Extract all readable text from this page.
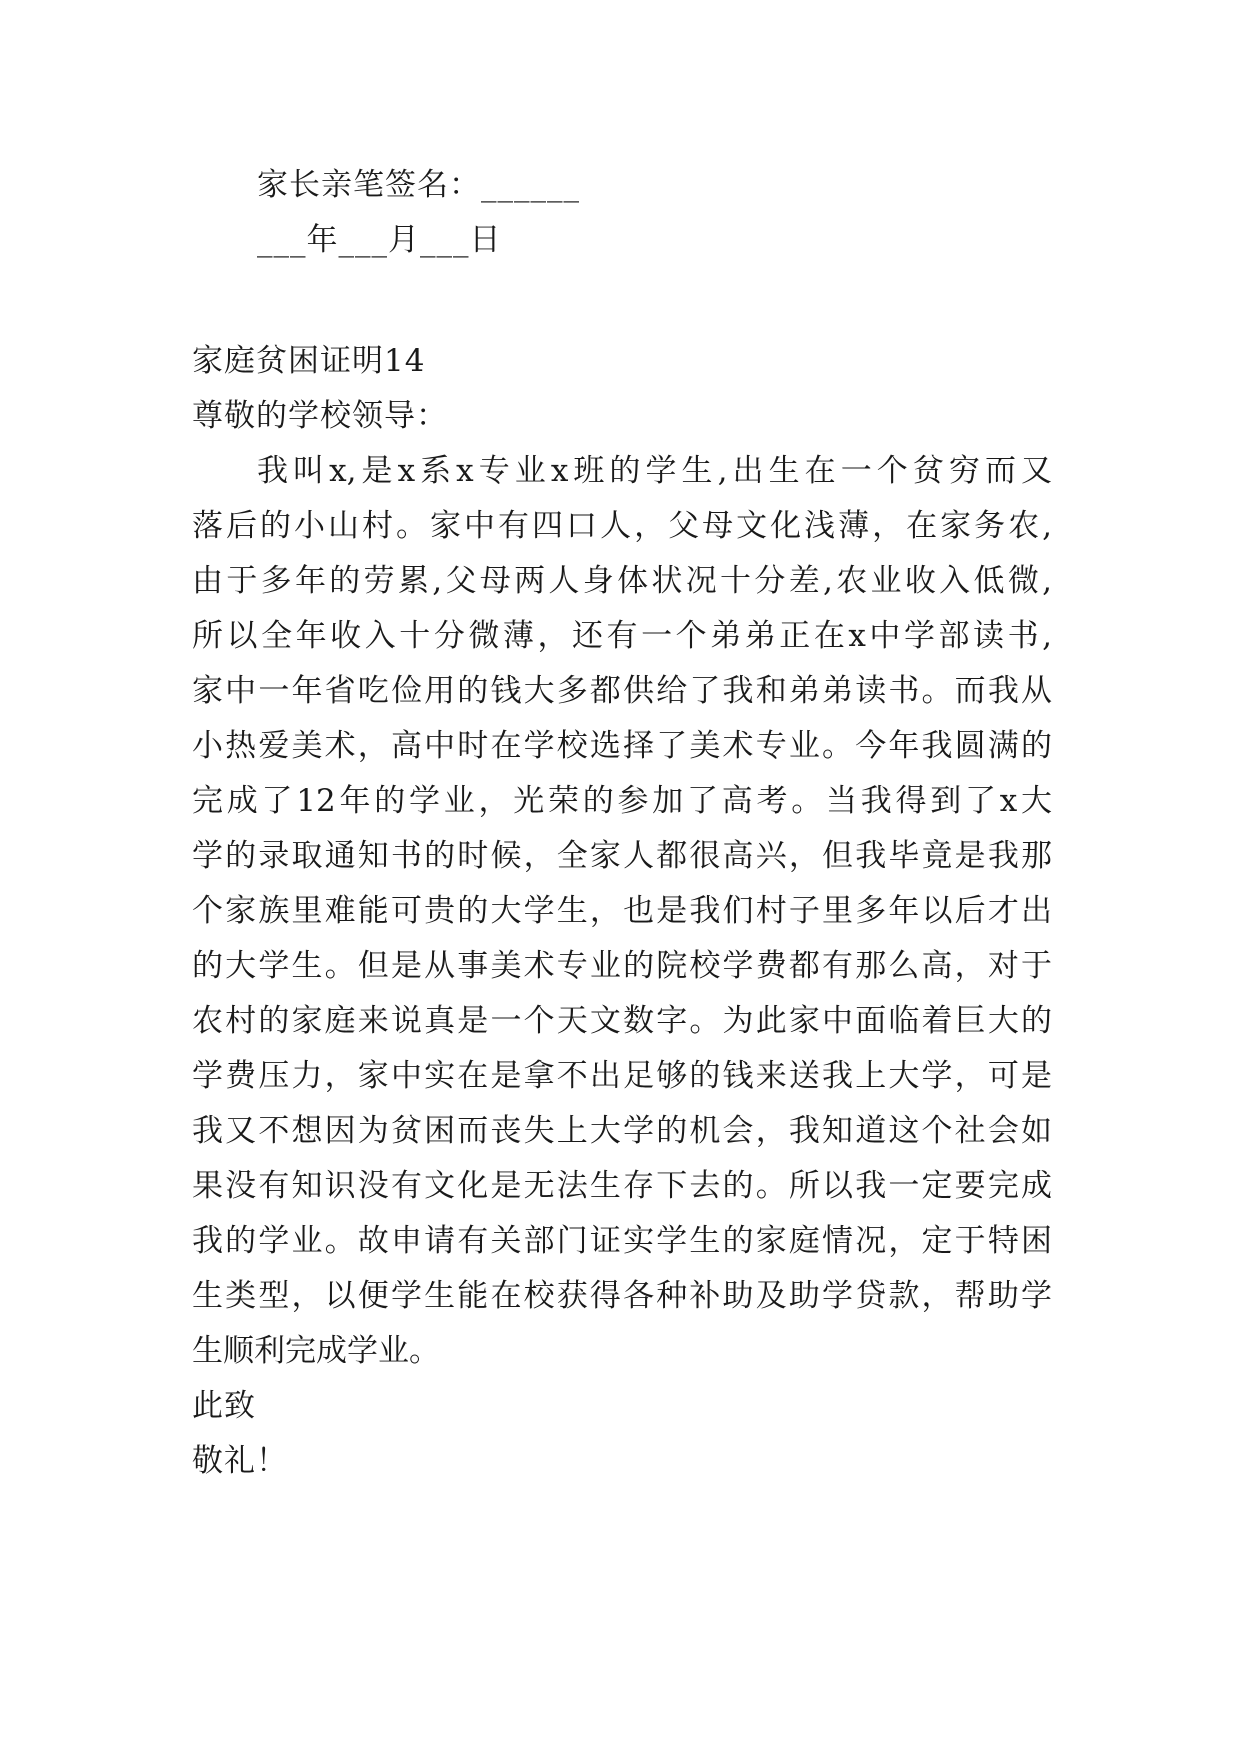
家长亲笔签名：______
___年___月___日
家庭贫困证明14
尊敬的学校领导：
我叫x,是x系x专业x班的学生,出生在一个贫穷而又
落后的小山村。家中有四口人，父母文化浅薄，在家务农,
由于多年的劳累,父母两人身体状况十分差,农业收入低微,
所以全年收入十分微薄，还有一个弟弟正在x中学部读书,
家中一年省吃俭用的钱大多都供给了我和弟弟读书。而我从
小热爱美术，高中时在学校选择了美术专业。今年我圆满的
完成了12年的学业，光荣的参加了高考。当我得到了x大
学的录取通知书的时候，全家人都很高兴，但我毕竟是我那
个家族里难能可贵的大学生，也是我们村子里多年以后才出
的大学生。但是从事美术专业的院校学费都有那么高，对于
农村的家庭来说真是一个天文数字。为此家中面临着巨大的
学费压力，家中实在是拿不出足够的钱来送我上大学，可是
我又不想因为贫困而丧失上大学的机会，我知道这个社会如
果没有知识没有文化是无法生存下去的。所以我一定要完成
我的学业。故申请有关部门证实学生的家庭情况，定于特困
生类型，以便学生能在校获得各种补助及助学贷款，帮助学
生顺利完成学业。
此致
敬礼！
